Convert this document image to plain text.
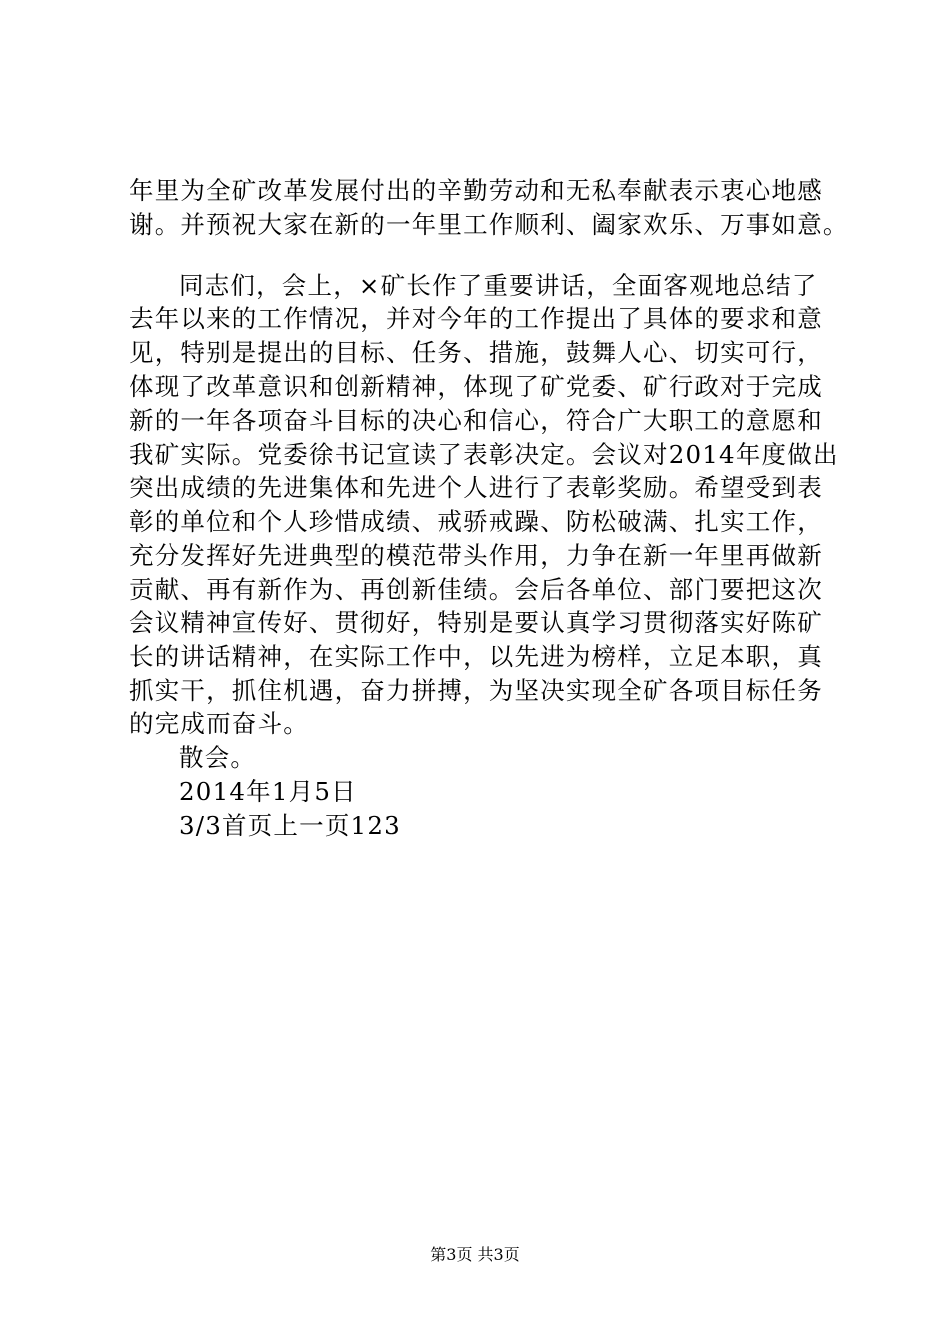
年里为全矿改革发展付出的辛勤劳动和无私奉献表示衷心地感
谢。并预祝大家在新的一年里工作顺利、阖家欢乐、万事如意。
同志们，会上，×矿长作了重要讲话，全面客观地总结了
去年以来的工作情况，并对今年的工作提出了具体的要求和意
见，特别是提出的目标、任务、措施，鼓舞人心、切实可行，
体现了改革意识和创新精神，体现了矿党委、矿行政对于完成
新的一年各项奋斗目标的决心和信心，符合广大职工的意愿和
我矿实际。党委徐书记宣读了表彰决定。会议对2014年度做出
突出成绩的先进集体和先进个人进行了表彰奖励。希望受到表
彰的单位和个人珍惜成绩、戒骄戒躁、防松破满、扎实工作，
充分发挥好先进典型的模范带头作用，力争在新一年里再做新
贡献、再有新作为、再创新佳绩。会后各单位、部门要把这次
会议精神宣传好、贯彻好，特别是要认真学习贯彻落实好陈矿
长的讲话精神，在实际工作中，以先进为榜样，立足本职，真
抓实干，抓住机遇，奋力拼搏，为坚决实现全矿各项目标任务
的完成而奋斗。
散会。
2014年1月5日
3/3首页上一页123
第3页 共3页
